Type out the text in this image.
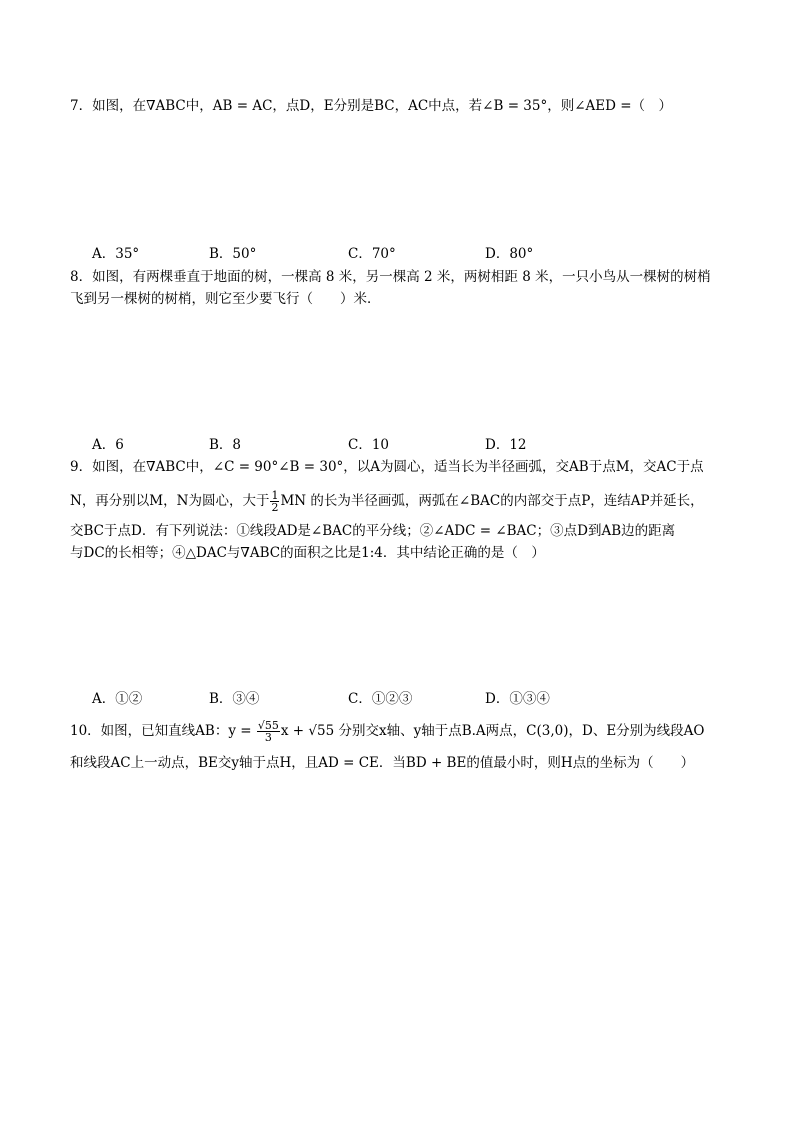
7．如图，在∇ABC中，AB = AC，点D，E分别是BC，AC中点，若∠B = 35°，则∠AED =（　）
A
B	C
D
E
A．35°	B．50°	C．70°	D．80°
8．如图，有两棵垂直于地面的树，一棵高 8 米，另一棵高 2 米，两树相距 8 米，一只小鸟从一棵树的树梢
飞到另一棵树的树梢，则它至少要飞行（　　）米．
8
2
8
A．6	B．8	C．10	D．12
9．如图，在∇ABC中，∠C = 90°∠B = 30°，以A为圆心，适当长为半径画弧，交AB于点M，交AC于点
N，再分别以M，N为圆心，大于 $\frac{1}{2}$ MN 的长为半径画弧，两弧在∠BAC的内部交于点P，连结AP并延长，
交BC于点D．有下列说法：①线段AD是∠BAC的平分线；②∠ADC = ∠BAC；③点D到AB边的距离
与DC的长相等；④△DAC与∇ABC的面积之比是1:4．其中结论正确的是（　）
A
M
N	P
C	D
B
A．①②	B．③④	C．①②③	D．①③④
10．如图，已知直线AB：$y = \frac{√55}{3}$ x + √55 分别交x轴、y轴于点B.A两点，C(3,0)，D、E分别为线段AO
和线段AC上一动点，BE交y轴于点H，且AD = CE．当BD + BE的值最小时，则H点的坐标为（　　）
y
x
A
D
E
H
B	O	C
